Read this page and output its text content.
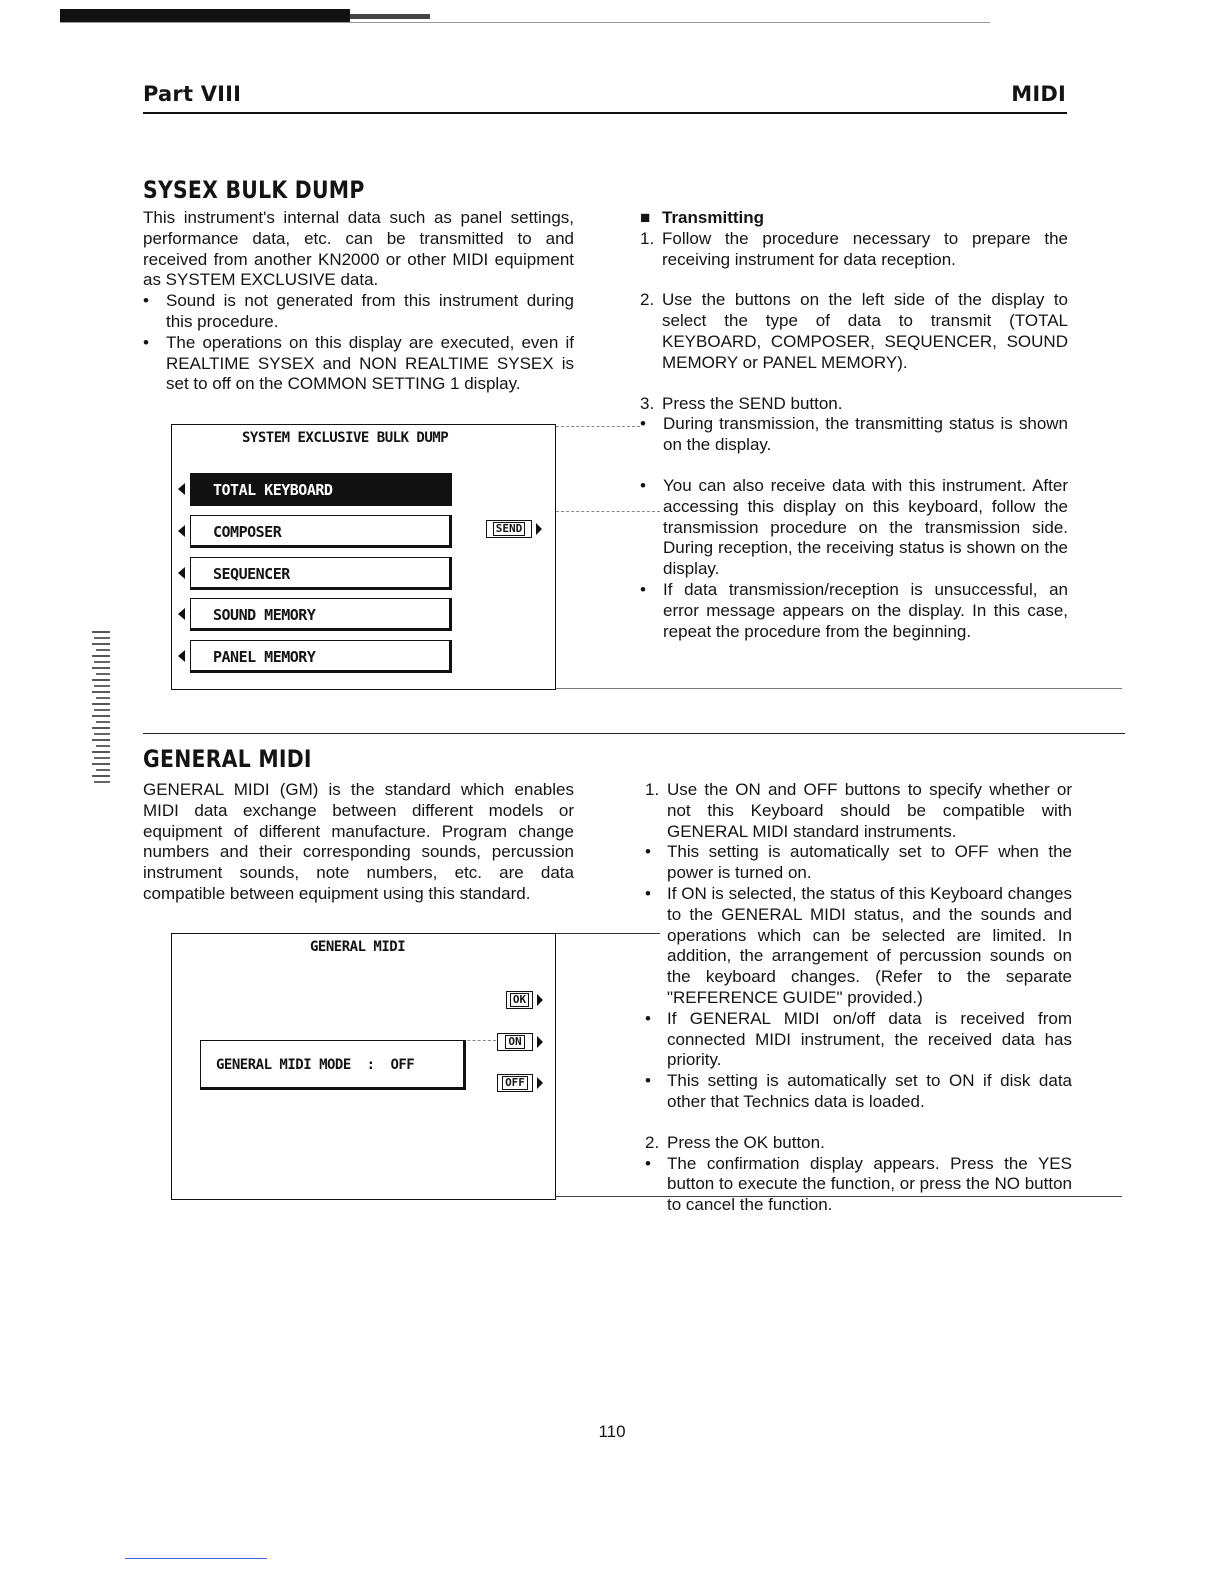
Part VIII	MIDI
SYSEX BULK DUMP

This instrument's internal data such as panel settings, performance data, etc. can be transmitted to and received from another KN2000 or other MIDI equipment as SYSTEM EXCLUSIVE data.

•	Sound is not generated from this instrument during this procedure.
•	The operations on this display are executed, even if REALTIME SYSEX and NON REALTIME SYSEX is set to off on the COMMON SETTING 1 display.
SYSTEM EXCLUSIVE BULK DUMP
TOTAL KEYBOARD
COMPOSER
SEQUENCER
SOUND MEMORY
PANEL MEMORY
SEND
■ Transmitting
1. Follow the procedure necessary to prepare the receiving instrument for data reception.
2. Use the buttons on the left side of the display to select the type of data to transmit (TOTAL KEYBOARD, COMPOSER, SEQUENCER, SOUND MEMORY or PANEL MEMORY).
3. Press the SEND button.
•	During transmission, the transmitting status is shown on the display.
•	You can also receive data with this instrument. After accessing this display on this keyboard, follow the transmission procedure on the transmission side. During reception, the receiving status is shown on the display.
•	If data transmission/reception is unsuccessful, an error message appears on the display. In this case, repeat the procedure from the beginning.
GENERAL MIDI

GENERAL MIDI (GM) is the standard which enables MIDI data exchange between different models or equipment of different manufacture. Program change numbers and their corresponding sounds, percussion instrument sounds, note numbers, etc. are data compatible between equipment using this standard.

GENERAL MIDI
OK
ON
OFF
GENERAL MIDI MODE : OFF
1. Use the ON and OFF buttons to specify whether or not this Keyboard should be compatible with GENERAL MIDI standard instruments.
• This setting is automatically set to OFF when the power is turned on.
• If ON is selected, the status of this Keyboard changes to the GENERAL MIDI status, and the sounds and operations which can be selected are limited. In addition, the arrangement of percussion sounds on the keyboard changes. (Refer to the separate "REFERENCE GUIDE" provided.)
• If GENERAL MIDI on/off data is received from connected MIDI instrument, the received data has priority.
• This setting is automatically set to ON if disk data other that Technics data is loaded.
2. Press the OK button.
• The confirmation display appears. Press the YES button to execute the function, or press the NO button to cancel the function.
110
